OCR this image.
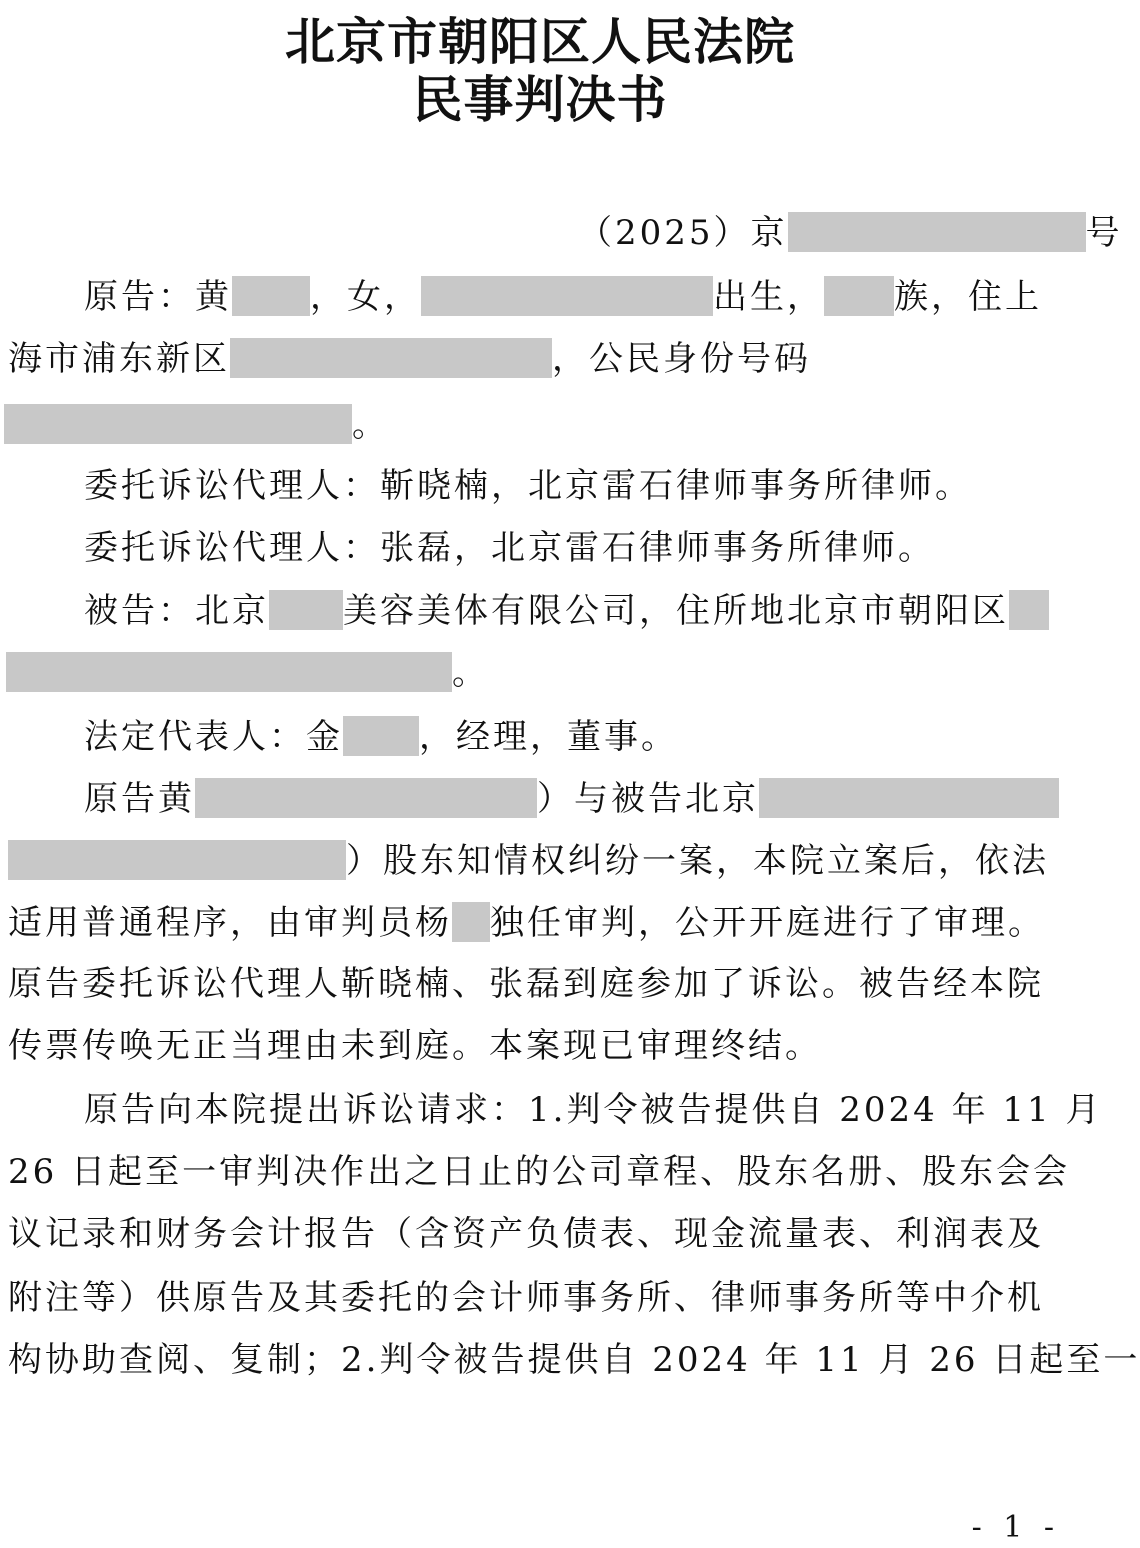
北京市朝阳区人民法院
民事判决书
（2025）京	号
原告：黄 ，女，	出生， 族，住上
海市浦东新区	，公民身份号码
。
委托诉讼代理人：靳晓楠，北京雷石律师事务所律师。
委托诉讼代理人：张磊，北京雷石律师事务所律师。
被告：北京 美容美体有限公司，住所地北京市朝阳区
。
法定代表人：金 ，经理，董事。
原告黄	）与被告北京
）股东知情权纠纷一案，本院立案后，依法
适用普通程序，由审判员杨 独任审判，公开开庭进行了审理。
原告委托诉讼代理人靳晓楠、张磊到庭参加了诉讼。被告经本院
传票传唤无正当理由未到庭。本案现已审理终结。
原告向本院提出诉讼请求：1.判令被告提供自 2024 年 11 月
26 日起至一审判决作出之日止的公司章程、股东名册、股东会会
议记录和财务会计报告（含资产负债表、现金流量表、利润表及
附注等）供原告及其委托的会计师事务所、律师事务所等中介机
构协助查阅、复制；2.判令被告提供自 2024 年 11 月 26 日起至一
- 1 -
